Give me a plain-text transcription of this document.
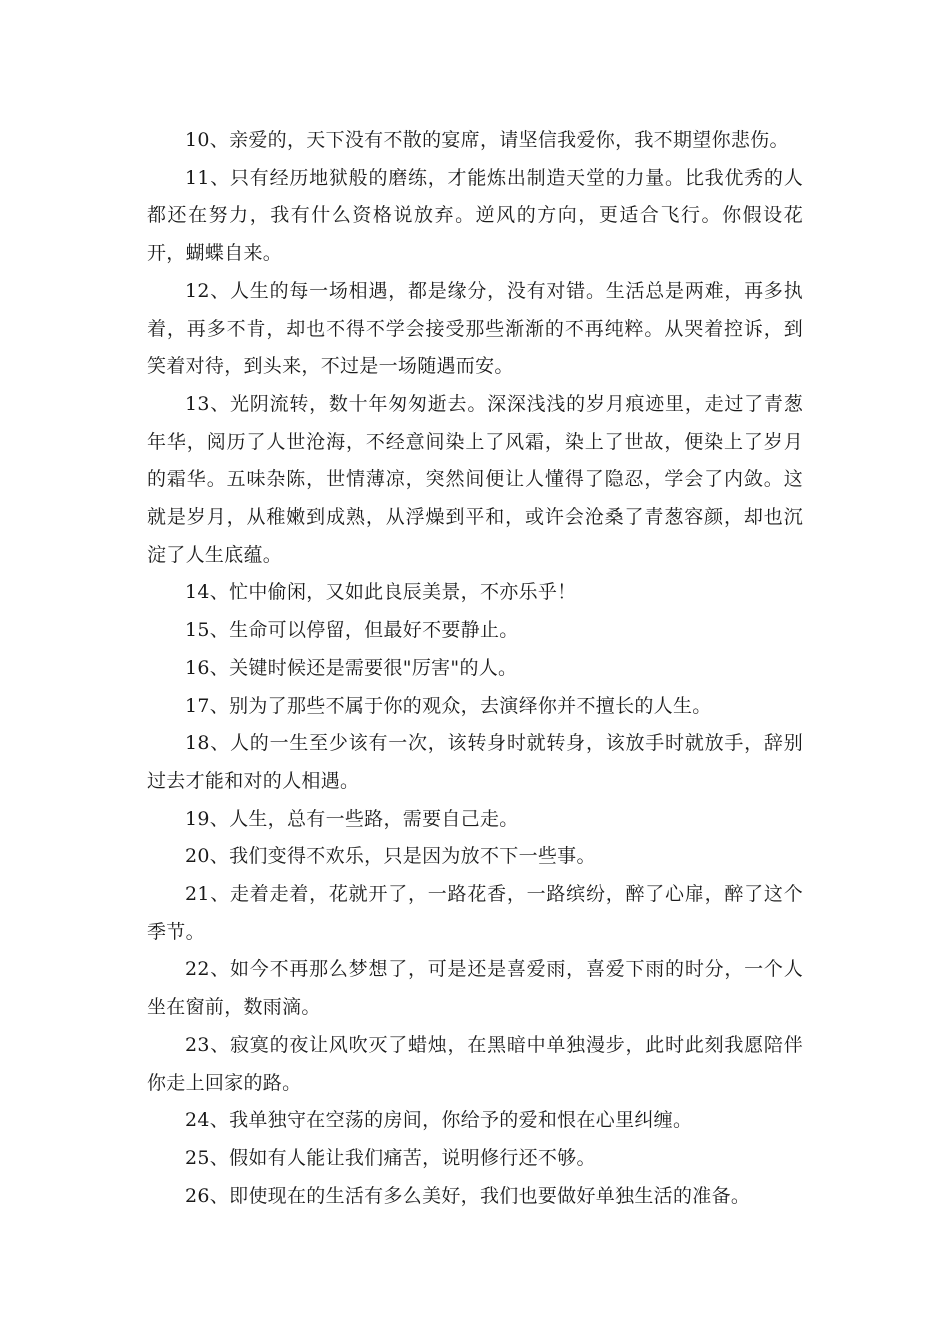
10、亲爱的，天下没有不散的宴席，请坚信我爱你，我不期望你悲伤。

11、只有经历地狱般的磨练，才能炼出制造天堂的力量。比我优秀的人都还在努力，我有什么资格说放弃。逆风的方向，更适合飞行。你假设花开，蝴蝶自来。

12、人生的每一场相遇，都是缘分，没有对错。生活总是两难，再多执着，再多不肯，却也不得不学会接受那些渐渐的不再纯粹。从哭着控诉，到笑着对待，到头来，不过是一场随遇而安。

13、光阴流转，数十年匆匆逝去。深深浅浅的岁月痕迹里，走过了青葱年华，阅历了人世沧海，不经意间染上了风霜，染上了世故，便染上了岁月的霜华。五味杂陈，世情薄凉，突然间便让人懂得了隐忍，学会了内敛。这就是岁月，从稚嫩到成熟，从浮燥到平和，或许会沧桑了青葱容颜，却也沉淀了人生底蕴。

14、忙中偷闲，又如此良辰美景，不亦乐乎！

15、生命可以停留，但最好不要静止。

16、关键时候还是需要很"厉害"的人。

17、别为了那些不属于你的观众，去演绎你并不擅长的人生。

18、人的一生至少该有一次，该转身时就转身，该放手时就放手，辞别过去才能和对的人相遇。

19、人生，总有一些路，需要自己走。

20、我们变得不欢乐，只是因为放不下一些事。

21、走着走着，花就开了，一路花香，一路缤纷，醉了心扉，醉了这个季节。

22、如今不再那么梦想了，可是还是喜爱雨，喜爱下雨的时分，一个人坐在窗前，数雨滴。

23、寂寞的夜让风吹灭了蜡烛，在黑暗中单独漫步，此时此刻我愿陪伴你走上回家的路。

24、我单独守在空荡的房间，你给予的爱和恨在心里纠缠。

25、假如有人能让我们痛苦，说明修行还不够。

26、即使现在的生活有多么美好，我们也要做好单独生活的准备。
